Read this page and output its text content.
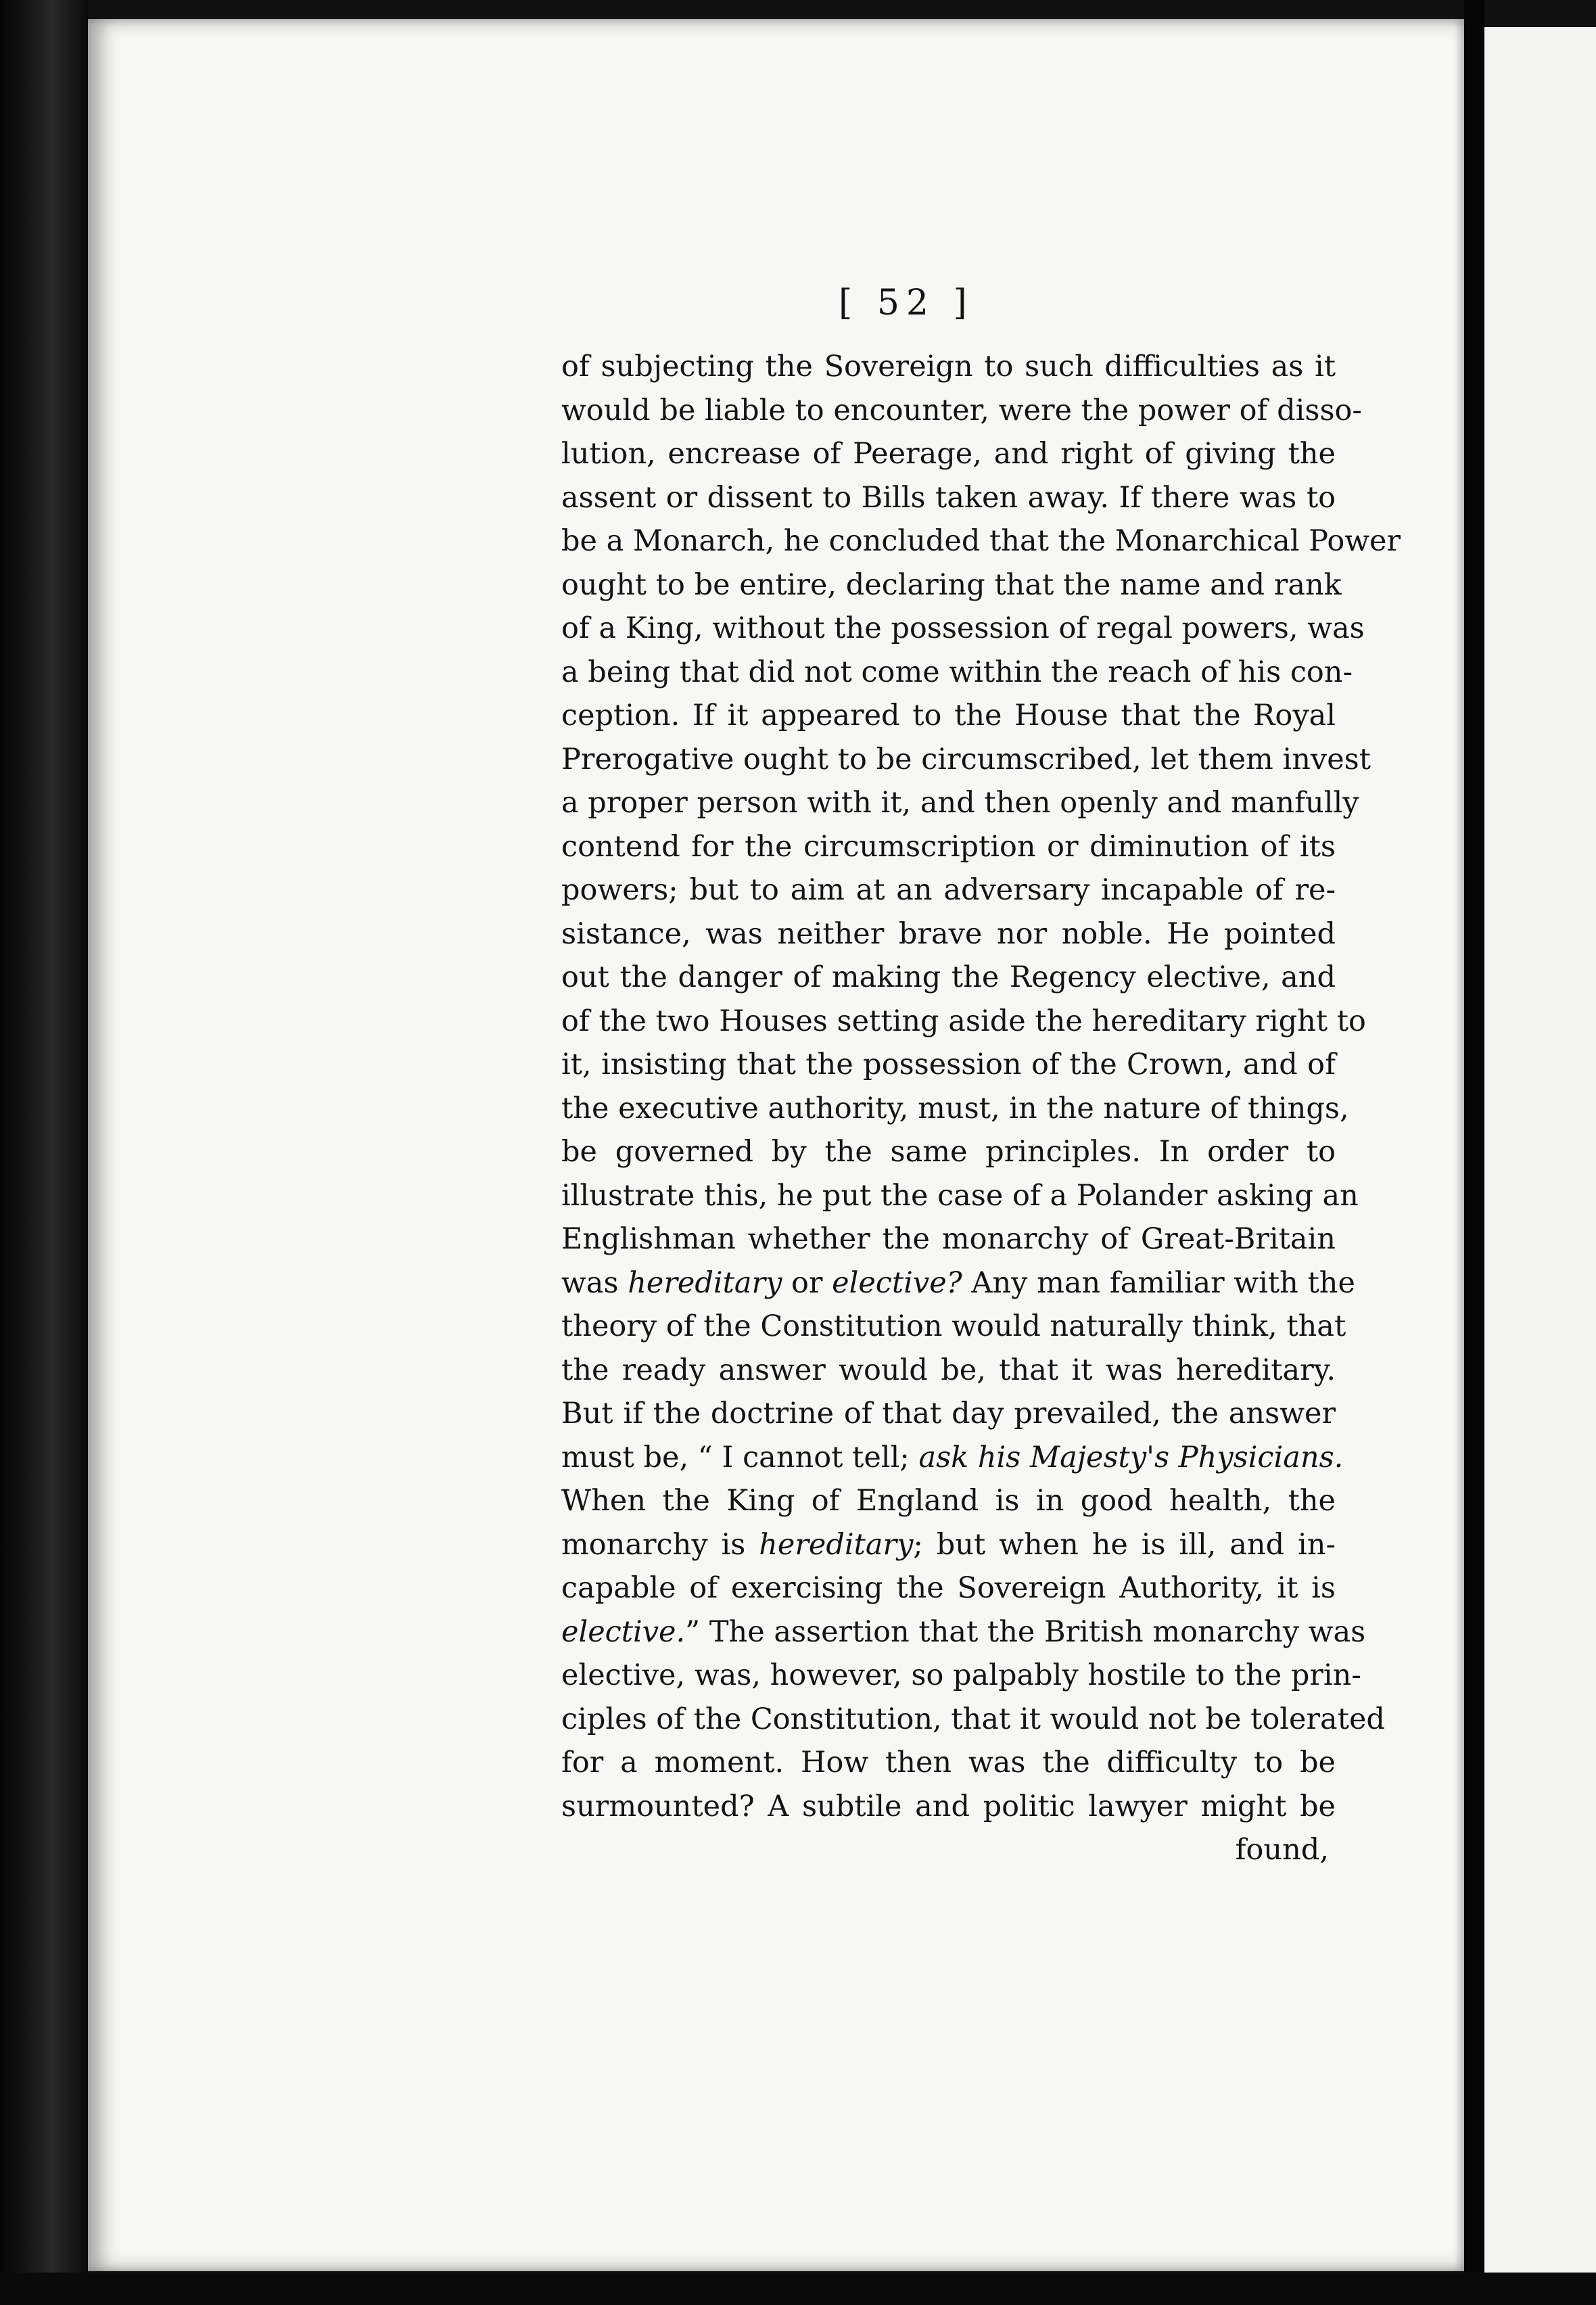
[ 52 ]
of subjecting the Sovereign to such difficulties as it
would be liable to encounter, were the power of disso-
lution, encrease of Peerage, and right of giving the
assent or dissent to Bills taken away. If there was to
be a Monarch, he concluded that the Monarchical Power
ought to be entire, declaring that the name and rank
of a King, without the possession of regal powers, was
a being that did not come within the reach of his con-
ception. If it appeared to the House that the Royal
Prerogative ought to be circumscribed, let them invest
a proper person with it, and then openly and manfully
contend for the circumscription or diminution of its
powers; but to aim at an adversary incapable of re-
sistance, was neither brave nor noble. He pointed
out the danger of making the Regency elective, and
of the two Houses setting aside the hereditary right to
it, insisting that the possession of the Crown, and of
the executive authority, must, in the nature of things,
be governed by the same principles. In order to
illustrate this, he put the case of a Polander asking an
Englishman whether the monarchy of Great-Britain
was hereditary or elective? Any man familiar with the
theory of the Constitution would naturally think, that
the ready answer would be, that it was hereditary.
But if the doctrine of that day prevailed, the answer
must be, “ I cannot tell; ask his Majesty's Physicians.
When the King of England is in good health, the
monarchy is hereditary; but when he is ill, and in-
capable of exercising the Sovereign Authority, it is
elective.” The assertion that the British monarchy was
elective, was, however, so palpably hostile to the prin-
ciples of the Constitution, that it would not be tolerated
for a moment. How then was the difficulty to be
surmounted? A subtile and politic lawyer might be
found,
